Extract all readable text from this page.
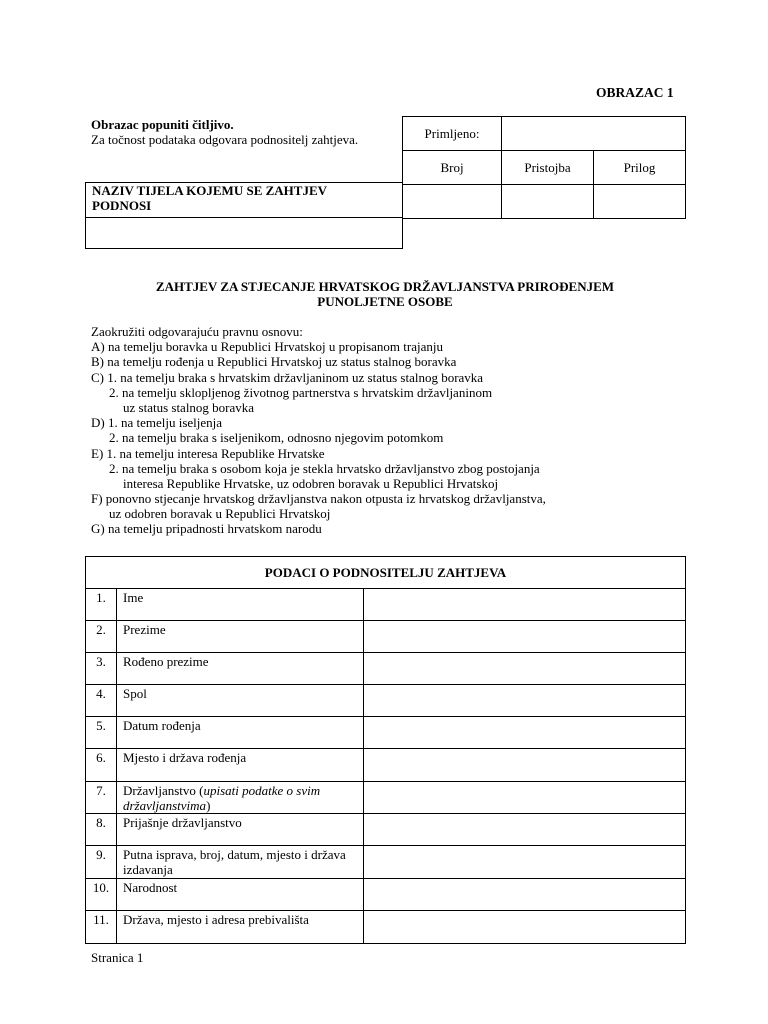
OBRAZAC 1
Obrazac popuniti čitljivo.
Za točnost podataka odgovara podnositelj zahtjeva.	Primljeno:		
Broj	Pristojba	Prilog

NAZIV TIJELA KOJEMU SE ZAHTJEV
PODNOSI

ZAHTJEV ZA STJECANJE HRVATSKOG DRŽAVLJANSTVA PRIROĐENJEM
PUNOLJETNE OSOBE
Zaokružiti odgovarajuću pravnu osnovu:
A) na temelju boravka u Republici Hrvatskoj u propisanom trajanju
B) na temelju rođenja u Republici Hrvatskoj uz status stalnog boravka
C) 1. na temelju braka s hrvatskim državljaninom uz status stalnog boravka
2. na temelju sklopljenog životnog partnerstva s hrvatskim državljaninom
uz status stalnog boravka
D) 1. na temelju iseljenja
2. na temelju braka s iseljenikom, odnosno njegovim potomkom
E) 1. na temelju interesa Republike Hrvatske
2. na temelju braka s osobom koja je stekla hrvatsko državljanstvo zbog postojanja
interesa Republike Hrvatske, uz odobren boravak u Republici Hrvatskoj
F) ponovno stjecanje hrvatskog državljanstva nakon otpusta iz hrvatskog državljanstva,
uz odobren boravak u Republici Hrvatskoj
G) na temelju pripadnosti hrvatskom narodu
PODACI O PODNOSITELJU ZAHTJEVA		
1.	Ime	
2.	Prezime	
3.	Rođeno prezime	
4.	Spol	
5.	Datum rođenja	
6.	Mjesto i država rođenja	
7.	Državljanstvo (upisati podatke o svim državljanstvima)	
8.	Prijašnje državljanstvo	
9.	Putna isprava, broj, datum, mjesto i država izdavanja	
10.	Narodnost	
11.	Država, mjesto i adresa prebivališta	
Stranica 1
